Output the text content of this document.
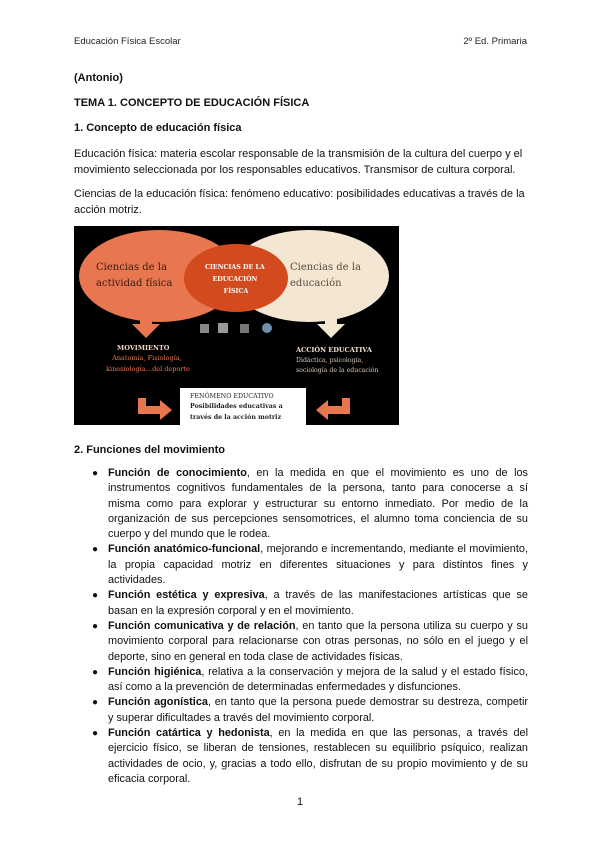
Educación Física Escolar	2º Ed. Primaria
(Antonio)
TEMA 1. CONCEPTO DE EDUCACIÓN FÍSICA
1. Concepto de educación física
Educación física: materia escolar responsable de la transmisión de la cultura del cuerpo y el movimiento seleccionada por los responsables educativos. Transmisor de cultura corporal.
Ciencias de la educación física: fenómeno educativo: posibilidades educativas a través de la acción motriz.
Ciencias de la actividad física
CIENCIAS DE LA EDUCACIÓN FÍSICA
Ciencias de la educación
MOVIMIENTO
Anatomía, Fisiología, kinesiología…del deporte
ACCIÓN EDUCATIVA
Didáctica, psicología, sociología de la educación
FENÓMENO EDUCATIVO Posibilidades educativas a través de la acción motriz
2. Funciones del movimiento
● Función de conocimiento, en la medida en que el movimiento es uno de los instrumentos cognitivos fundamentales de la persona, tanto para conocerse a sí misma como para explorar y estructurar su entorno inmediato. Por medio de la organización de sus percepciones sensomotrices, el alumno toma conciencia de su cuerpo y del mundo que le rodea.
● Función anatómico-funcional, mejorando e incrementando, mediante el movimiento, la propia capacidad motriz en diferentes situaciones y para distintos fines y actividades.
● Función estética y expresiva, a través de las manifestaciones artísticas que se basan en la expresión corporal y en el movimiento.
● Función comunicativa y de relación, en tanto que la persona utiliza su cuerpo y su movimiento corporal para relacionarse con otras personas, no sólo en el juego y el deporte, sino en general en toda clase de actividades físicas.
● Función higiénica, relativa a la conservación y mejora de la salud y el estado físico, así como a la prevención de determinadas enfermedades y disfunciones.
● Función agonística, en tanto que la persona puede demostrar su destreza, competir y superar dificultades a través del movimiento corporal.
● Función catártica y hedonista, en la medida en que las personas, a través del ejercicio físico, se liberan de tensiones, restablecen su equilibrio psíquico, realizan actividades de ocio, y, gracias a todo ello, disfrutan de su propio movimiento y de su eficacia corporal.
1
